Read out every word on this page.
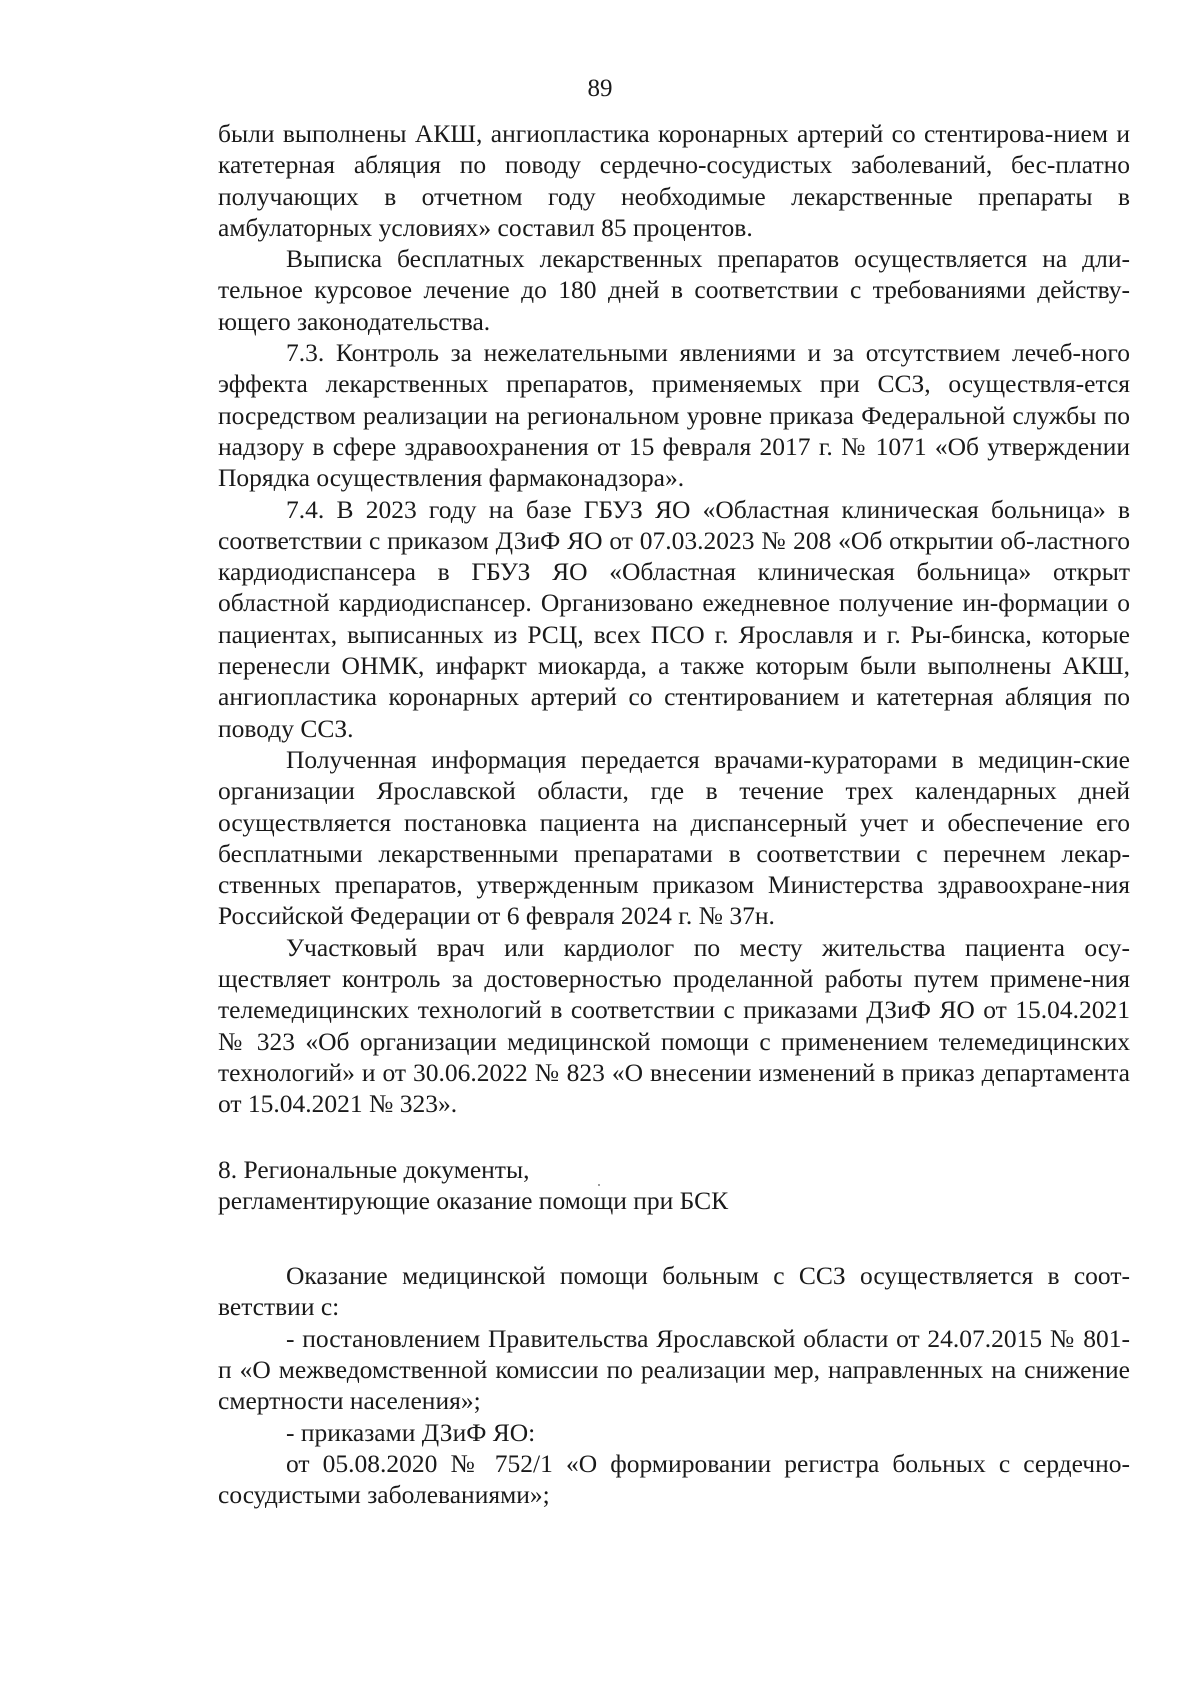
89

были выполнены АКШ, ангиопластика коронарных артерий со стентирова-нием и катетерная абляция по поводу сердечно-сосудистых заболеваний, бес-платно получающих в отчетном году необходимые лекарственные препараты в амбулаторных условиях» составил 85 процентов.

Выписка бесплатных лекарственных препаратов осуществляется на дли-тельное курсовое лечение до 180 дней в соответствии с требованиями действу-ющего законодательства.

7.3. Контроль за нежелательными явлениями и за отсутствием лечеб-ного эффекта лекарственных препаратов, применяемых при ССЗ, осуществля-ется посредством реализации на региональном уровне приказа Федеральной службы по надзору в сфере здравоохранения от 15 февраля 2017 г. № 1071 «Об утверждении Порядка осуществления фармаконадзора».

7.4. В 2023 году на базе ГБУЗ ЯО «Областная клиническая больница» в соответствии с приказом ДЗиФ ЯО от 07.03.2023 № 208 «Об открытии об-ластного кардиодиспансера в ГБУЗ ЯО «Областная клиническая больница» открыт областной кардиодиспансер. Организовано ежедневное получение ин-формации о пациентах, выписанных из РСЦ, всех ПСО г. Ярославля и г. Ры-бинска, которые перенесли ОНМК, инфаркт миокарда, а также которым были выполнены АКШ, ангиопластика коронарных артерий со стентированием и катетерная абляция по поводу ССЗ.

Полученная информация передается врачами-кураторами в медицин-ские организации Ярославской области, где в течение трех календарных дней осуществляется постановка пациента на диспансерный учет и обеспечение его бесплатными лекарственными препаратами в соответствии с перечнем лекар-ственных препаратов, утвержденным приказом Министерства здравоохране-ния Российской Федерации от 6 февраля 2024 г. № 37н.

Участковый врач или кардиолог по месту жительства пациента осу-ществляет контроль за достоверностью проделанной работы путем примене-ния телемедицинских технологий в соответствии с приказами ДЗиФ ЯО от 15.04.2021 № 323 «Об организации медицинской помощи с применением телемедицинских технологий» и от 30.06.2022 № 823 «О внесении изменений в приказ департамента от 15.04.2021 № 323».

8. Региональные документы,

регламентирующие оказание помощи при БСК

Оказание медицинской помощи больным с ССЗ осуществляется в соот-ветствии с:

- постановлением Правительства Ярославской области от 24.07.2015 № 801-п «О межведомственной комиссии по реализации мер, направленных на снижение смертности населения»;

- приказами ДЗиФ ЯО:

от 05.08.2020 № 752/1 «О формировании регистра больных с сердечно-сосудистыми заболеваниями»;
